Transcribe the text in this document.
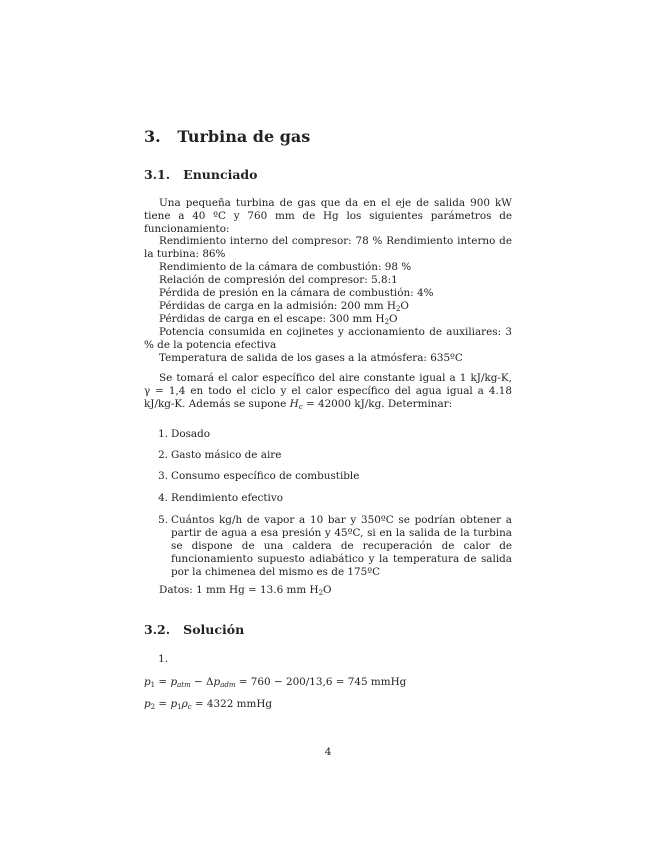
3. Turbina de gas
3.1. Enunciado
Una pequeña turbina de gas que da en el eje de salida 900 kW tiene a 40 ºC y 760 mm de Hg los siguientes parámetros de funcionamiento:
Rendimiento interno del compresor: 78 % Rendimiento interno de la turbina: 86%
Rendimiento de la cámara de combustión: 98 %
Relación de compresión del compresor: 5.8:1
Pérdida de presión en la cámara de combustión: 4%
Pérdidas de carga en la admisión: 200 mm $H_2O$
Pérdidas de carga en el escape: 300 mm $H_2O$
Potencia consumida en cojinetes y accionamiento de auxiliares: 3 % de la potencia efectiva
Temperatura de salida de los gases a la atmósfera: 635ºC
Se tomará el calor específico del aire constante igual a 1 kJ/kg-K, γ = 1,4 en todo el ciclo y el calor específico del agua igual a 4.18 kJ/kg-K. Además se supone $H_c = 42000$ kJ/kg. Determinar:
1. Dosado
2. Gasto másico de aire
3. Consumo específico de combustible
4. Rendimiento efectivo
5. Cuántos kg/h de vapor a 10 bar y 350ºC se podrían obtener a partir de agua a esa presión y 45ºC, si en la salida de la turbina se dispone de una caldera de recuperación de calor de funcionamiento supuesto adiabático y la temperatura de salida por la chimenea del mismo es de 175ºC
Datos: 1 mm Hg = 13.6 mm $H_2O$
3.2. Solución
1.
$p_1 = p_{atm} - \Delta p_{adm} = 760 - 200/13,6 = 745$ mmHg
$p_2 = p_1\rho_c = 4322$ mmHg
4
